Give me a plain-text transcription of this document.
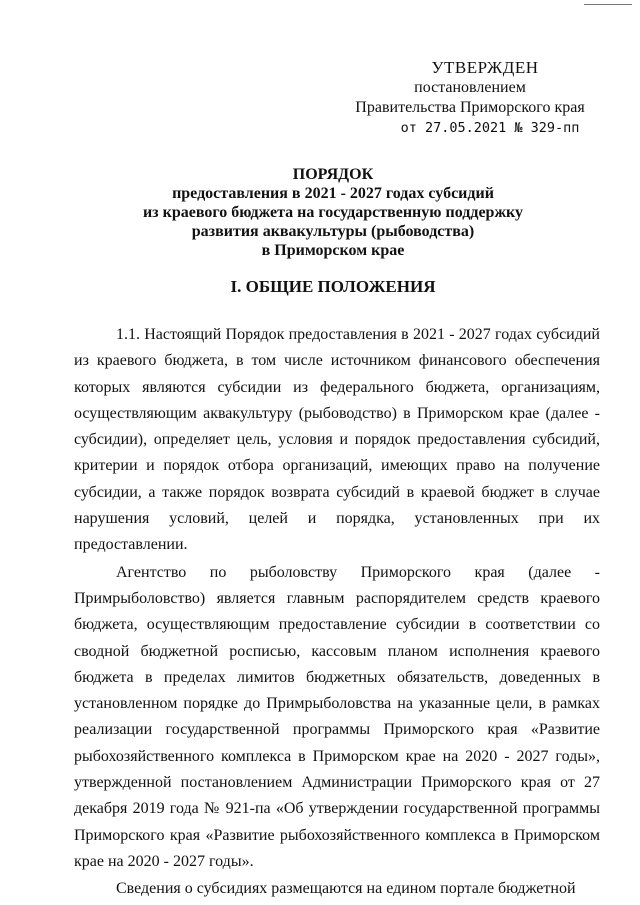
УТВЕРЖДЕН
постановлением
Правительства Приморского края
от 27.05.2021 № 329-пп
ПОРЯДОК
предоставления в 2021 - 2027 годах субсидий
из краевого бюджета на государственную поддержку
развития аквакультуры (рыбоводства)
в Приморском крае
I. ОБЩИЕ ПОЛОЖЕНИЯ

1.1. Настоящий Порядок предоставления в 2021 - 2027 годах субсидий из краевого бюджета, в том числе источником финансового обеспечения которых являются субсидии из федерального бюджета, организациям, осуществляющим аквакультуру (рыбоводство) в Приморском крае (далее - субсидии), определяет цель, условия и порядок предоставления субсидий, критерии и порядок отбора организаций, имеющих право на получение субсидии, а также порядок возврата субсидий в краевой бюджет в случае нарушения условий, целей и порядка, установленных при их предоставлении.

Агентство по рыболовству Приморского края (далее - Примрыболовство) является главным распорядителем средств краевого бюджета, осуществляющим предоставление субсидии в соответствии со сводной бюджетной росписью, кассовым планом исполнения краевого бюджета в пределах лимитов бюджетных обязательств, доведенных в установленном порядке до Примрыболовства на указанные цели, в рамках реализации государственной программы Приморского края «Развитие рыбохозяйственного комплекса в Приморском крае на 2020 - 2027 годы», утвержденной постановлением Администрации Приморского края от 27 декабря 2019 года № 921-па «Об утверждении государственной программы Приморского края «Развитие рыбохозяйственного комплекса в Приморском крае на 2020 - 2027 годы».

Сведения о субсидиях размещаются на едином портале бюджетной
